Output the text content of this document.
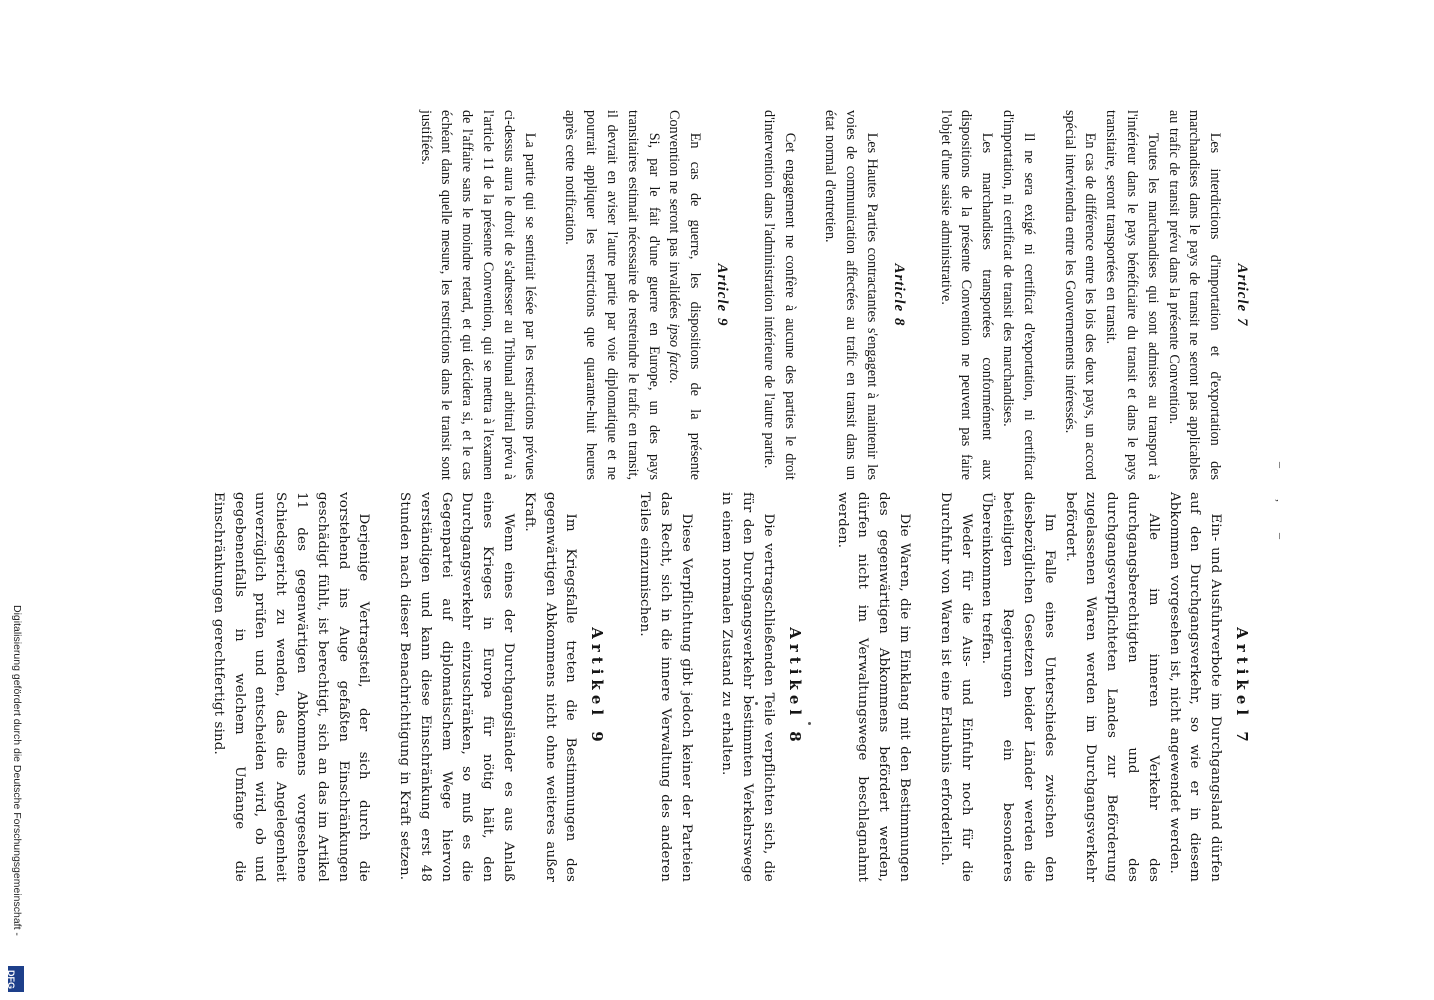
Article 7

Les interdictions d'importation et d'exportation des marchandises dans le pays de transit ne seront pas applicables au trafic de transit prévu dans la présente Convention.

Toutes les marchandises qui sont admises au transport à l'intérieur dans le pays bénéficiaire du transit et dans le pays transitaire, seront transportées en transit.

En cas de différence entre les lois des deux pays, un accord spécial interviendra entre les Gouvernements intéressés.

Il ne sera exigé ni certificat d'exportation, ni certificat d'importation, ni certificat de transit des marchandises.

Les marchandises transportées conformément aux dispositions de la présente Convention ne peuvent pas faire l'objet d'une saisie administrative.

Article 8

Les Hautes Parties contractantes s'engagent à maintenir les voies de communication affectées au trafic en transit dans un état normal d'entretien.

Cet engagement ne confère à aucune des parties le droit d'intervention dans l'administration intérieure de l'autre partie.

Article 9

En cas de guerre, les dispositions de la présente Convention ne seront pas invalidées ipso facto.

Si, par le fait d'une guerre en Europe, un des pays transitaires estimait nécessaire de restreindre le trafic en transit, il devrait en aviser l'autre partie par voie diplomatique et ne pourrait appliquer les restrictions que quarante-huit heures après cette notification.

La partie qui se sentirait lésée par les restrictions prévues ci-dessus aura le droit de s'adresser au Tribunal arbitral prévu à l'article 11 de la présente Convention, qui se mettra à l'examen de l'affaire sans le moindre retard, et qui décidera si, et le cas échéant dans quelle mesure, les restrictions dans le transit sont justifiées.

Artikel 7

Ein- und Ausfuhrverbote im Durchgangsland dürfen auf den Durchgangsverkehr, so wie er in diesem Abkommen vorgesehen ist, nicht angewendet werden.

Alle im inneren Verkehr des durchgangsberechtigten und des durchgangsverpflichteten Landes zur Beförderung zugelassenen Waren werden im Durchgangsverkehr befördert.

Im Falle eines Unterschiedes zwischen den diesbezüglichen Gesetzen beider Länder werden die beteiligten Regierungen ein besonderes Übereinkommen treffen.

Weder für die Aus- und Einfuhr noch für die Durchfuhr von Waren ist eine Erlaubnis erforderlich.

Die Waren, die im Einklang mit den Bestimmungen des gegenwärtigen Abkommens befördert werden, dürfen nicht im Verwaltungswege beschlagnahmt werden.

Artikel 8

Die vertragschließenden Teile verpflichten sich, die für den Durchgangsverkehr bestimmten Verkehrswege in einem normalen Zustand zu erhalten.

Diese Verpflichtung gibt jedoch keiner der Parteien das Recht, sich in die innere Verwaltung des anderen Teiles einzumischen.

Artikel 9

Im Kriegsfalle treten die Bestimmungen des gegenwärtigen Abkommens nicht ohne weiteres außer Kraft.

Wenn eines der Durchgangsländer es aus Anlaß eines Krieges in Europa für nötig hält, den Durchgangsverkehr einzuschränken, so muß es die Gegenpartei auf diplomatischem Wege hiervon verständigen und kann diese Einschränkung erst 48 Stunden nach dieser Benachrichtigung in Kraft setzen.

Derjenige Vertragsteil, der sich durch die vorstehend ins Auge gefaßten Einschränkungen geschädigt fühlt, ist berechtigt, sich an das im Artikel 11 des gegenwärtigen Abkommens vorgesehene Schiedsgericht zu wenden, das die Angelegenheit unverzüglich prüfen und entscheiden wird, ob und gegebenenfalls in welchem Umfange die Einschränkungen gerechtfertigt sind.	– , –
Digitalisierung gefördert durch die Deutsche Forschungsgemeinschaft -
DFG
